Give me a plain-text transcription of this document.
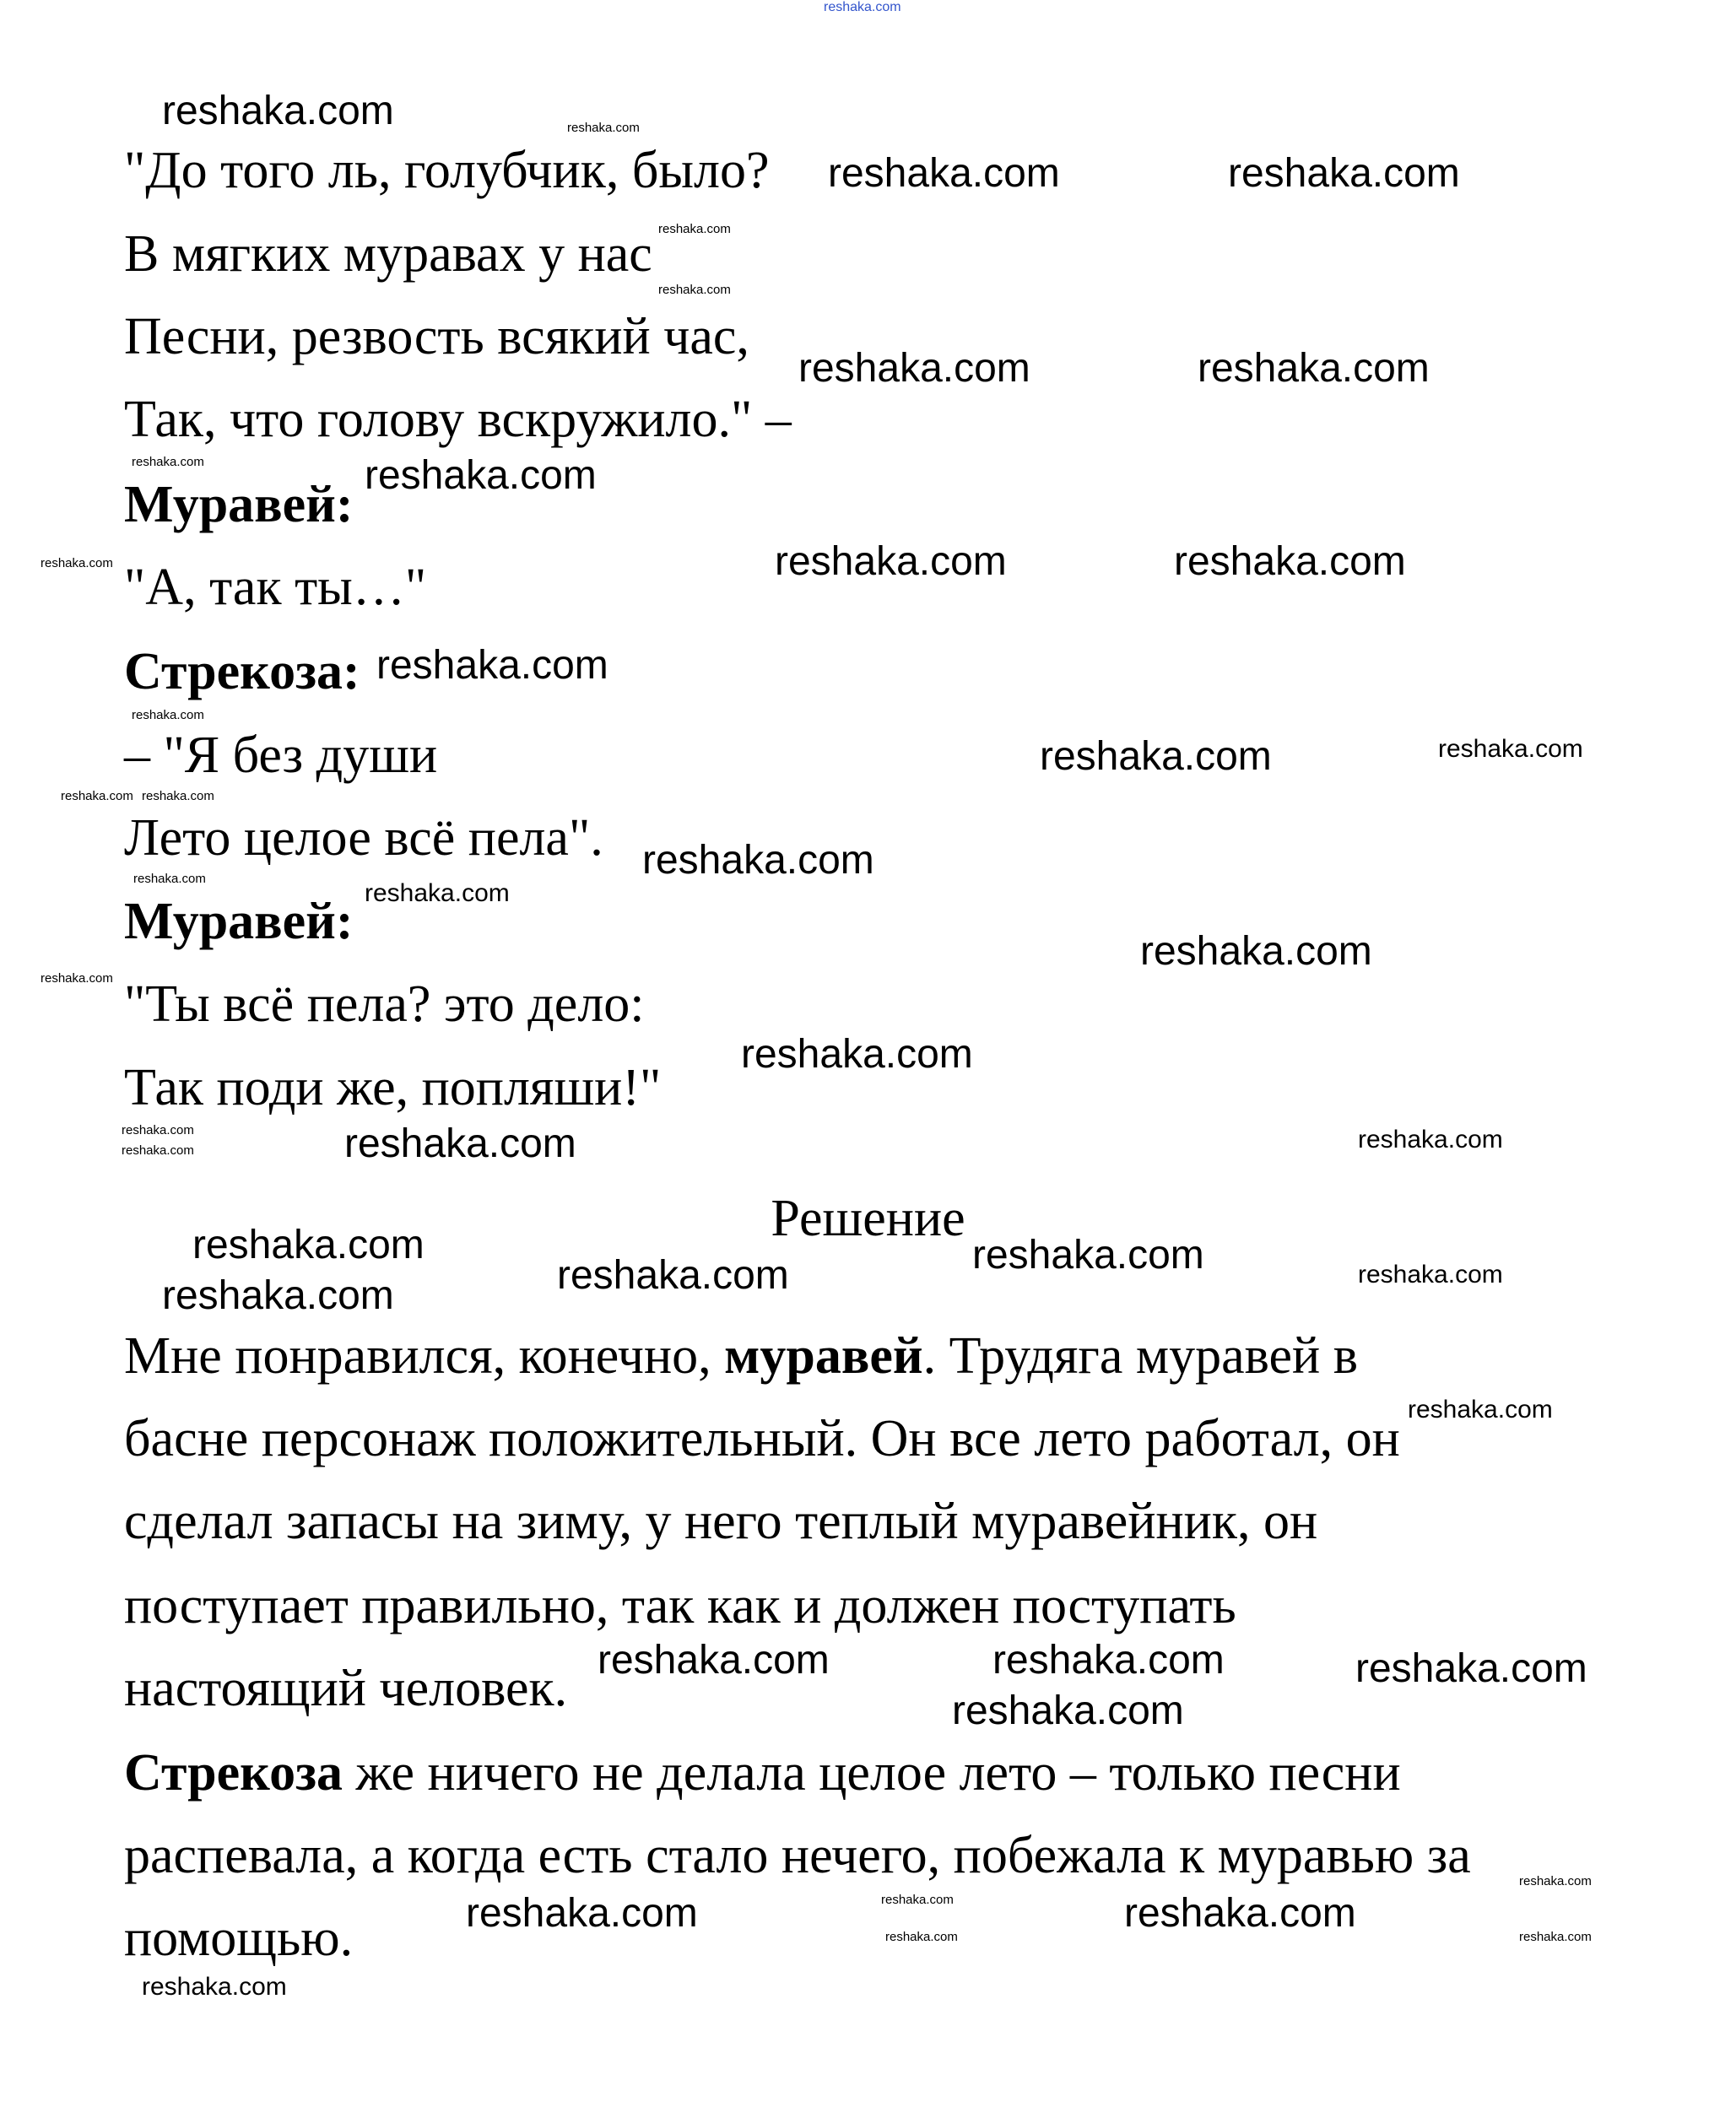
"До того ль, голубчик, было?
В мягких муравах у нас
Песни, резвость всякий час,
Так, что голову вскружило." –
Муравей:
"А, так ты…"
Стрекоза:
– "Я без души
Лето целое всё пела".
Муравей:
"Ты всё пела? это дело:
Так поди же, попляши!"
Решение
Мне понравился, конечно, муравей. Трудяга муравей в
басне персонаж положительный. Он все лето работал, он
сделал запасы на зиму, у него теплый муравейник, он
поступает правильно, так как и должен поступать
настоящий человек.
Стрекоза же ничего не делала целое лето – только песни
распевала, а когда есть стало нечего, побежала к муравью за
помощью.
reshaka.com
reshaka.com	reshaka.com
reshaka.com
reshaka.com	reshaka.com
reshaka.com
reshaka.com	reshaka.com
reshaka.com
reshaka.com
reshaka.com
reshaka.com
reshaka.com
reshaka.com
reshaka.com	reshaka.com
reshaka.com
reshaka.com	reshaka.com
reshaka.com
reshaka.com
reshaka.com
reshaka.com	reshaka.com
reshaka.com
reshaka.com
reshaka.com
reshaka.com
reshaka.com
reshaka.com
reshaka.com
reshaka.com
reshaka.com
reshaka.com
reshaka.com
reshaka.com
reshaka.com
reshaka.com
reshaka.com
reshaka.com
reshaka.com
reshaka.com
reshaka.com
reshaka.com
reshaka.com	reshaka.com
